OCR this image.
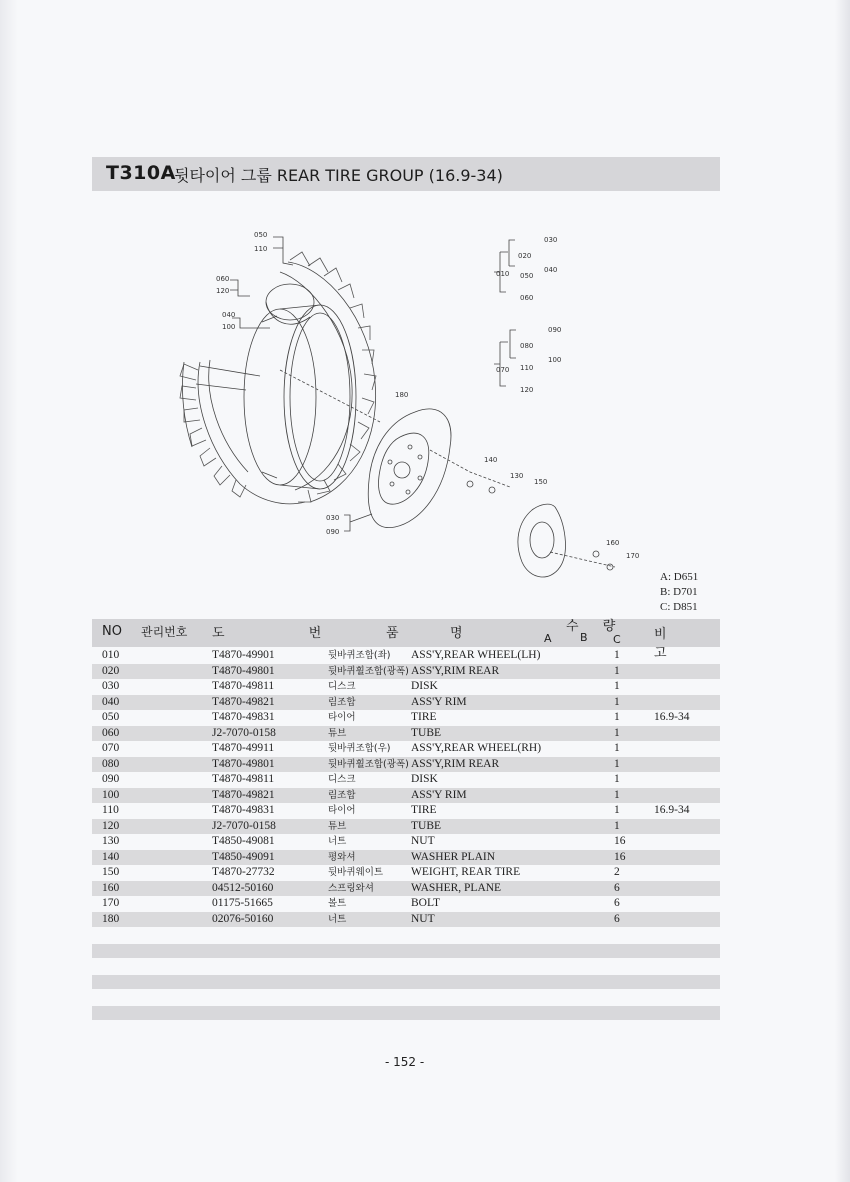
T310A
뒷타이어 그룹 REAR TIRE GROUP (16.9-34)
050
110
060
120
040
100
180
140
130
150
160
170
030
090
030
020
010 050
040
060
090
080
070 110
100
120
A: D651
B: D701
C: D851
NO 관리번호 도 번 품	명	수 량
A	B C	비 고
010	T4870-49901	뒷바퀴조합(좌) ASS'Y,REAR WHEEL(LH)	1
020	T4870-49801	뒷바퀴휠조합(광폭) ASS'Y,RIM REAR	1
030	T4870-49811	디스크	DISK	1
040	T4870-49821	림조합	ASS'Y RIM	1
050	T4870-49831	타이어	TIRE	1	16.9-34
060	J2-7070-0158	튜브	TUBE	1
070	T4870-49911	뒷바퀴조합(우) ASS'Y,REAR WHEEL(RH)	1
080	T4870-49801	뒷바퀴휠조합(광폭) ASS'Y,RIM REAR	1
090	T4870-49811	디스크	DISK	1
100	T4870-49821	림조합	ASS'Y RIM	1
110	T4870-49831	타이어	TIRE	1	16.9-34
120	J2-7070-0158	튜브	TUBE	1
130	T4850-49081	너트	NUT	16
140	T4850-49091	평와셔	WASHER PLAIN	16
150	T4870-27732	뒷바퀴웨이트 WEIGHT, REAR TIRE	2
160	04512-50160	스프링와셔	WASHER, PLANE	6
170	01175-51665	볼트	BOLT	6
180	02076-50160	너트	NUT	6
- 152 -
